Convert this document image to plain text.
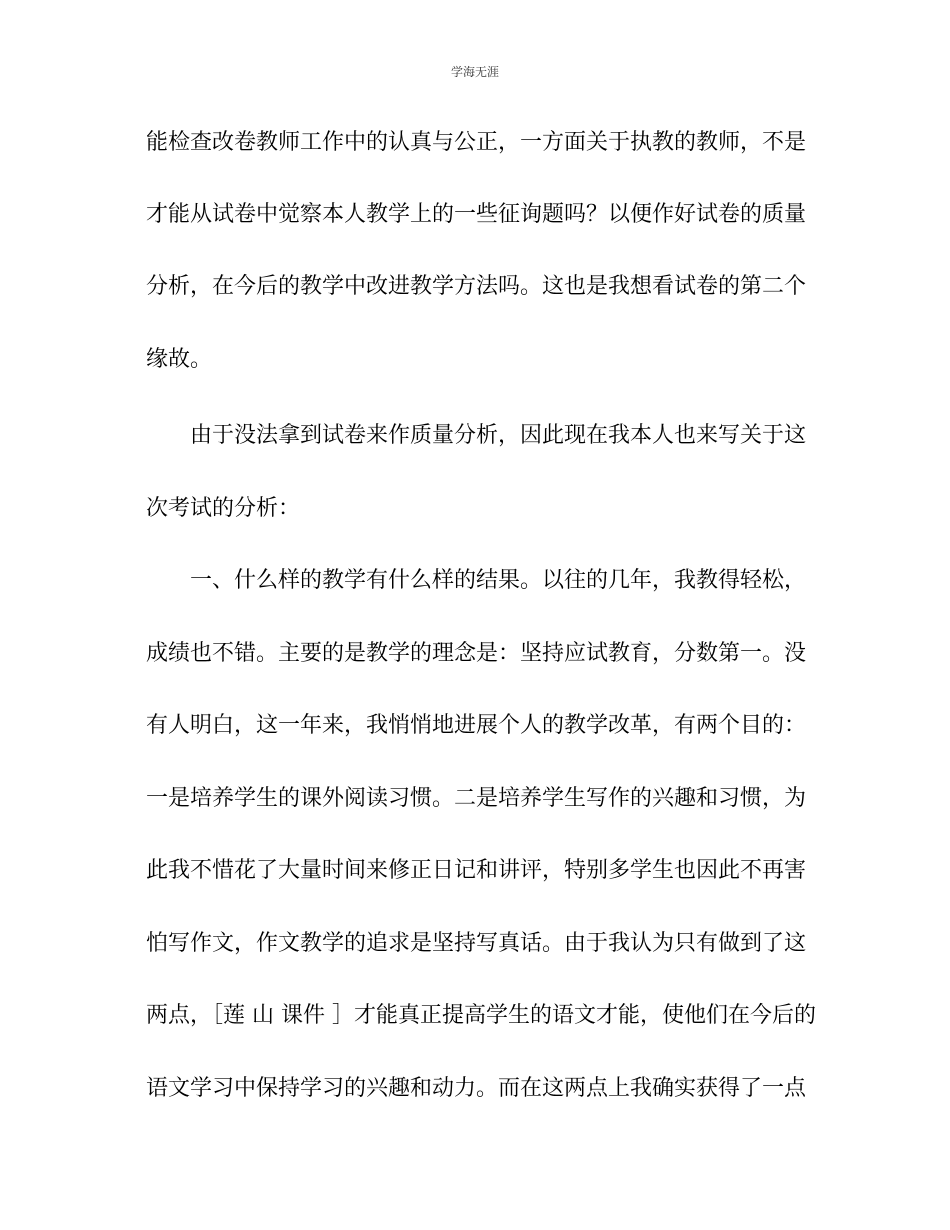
学海无涯
能检查改卷教师工作中的认真与公正，一方面关于执教的教师，不是
才能从试卷中觉察本人教学上的一些征询题吗？以便作好试卷的质量
分析，在今后的教学中改进教学方法吗。这也是我想看试卷的第二个
缘故。
由于没法拿到试卷来作质量分析，因此现在我本人也来写关于这
次考试的分析：
一、什么样的教学有什么样的结果。以往的几年，我教得轻松，
成绩也不错。主要的是教学的理念是：坚持应试教育，分数第一。没
有人明白，这一年来，我悄悄地进展个人的教学改革，有两个目的：
一是培养学生的课外阅读习惯。二是培养学生写作的兴趣和习惯，为
此我不惜花了大量时间来修正日记和讲评，特别多学生也因此不再害
怕写作文，作文教学的追求是坚持写真话。由于我认为只有做到了这
两点，［莲 山 课件 ］才能真正提高学生的语文才能，使他们在今后的
语文学习中保持学习的兴趣和动力。而在这两点上我确实获得了一点
